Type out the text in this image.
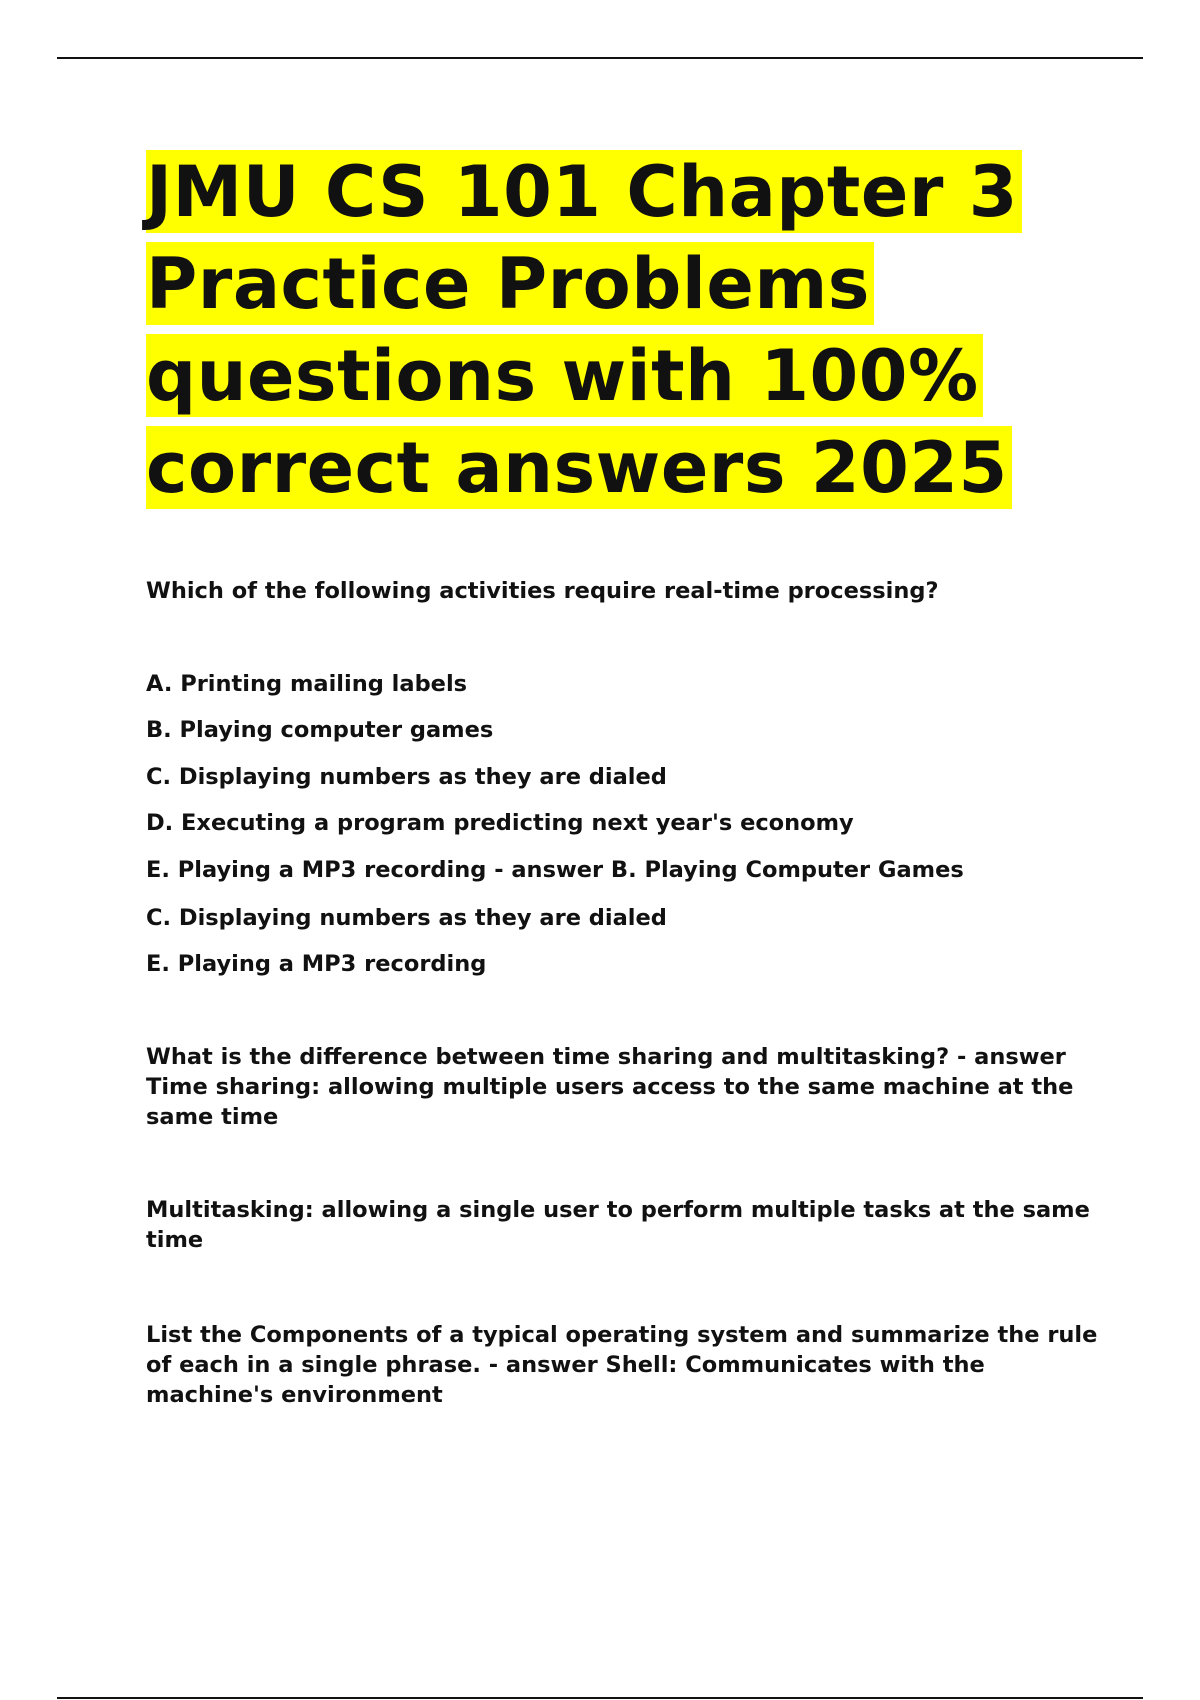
JMU CS 101 Chapter 3 Practice Problems questions with 100% correct answers 2025

Which of the following activities require real-time processing?

A. Printing mailing labels

B. Playing computer games

C. Displaying numbers as they are dialed

D. Executing a program predicting next year's economy

E. Playing a MP3 recording - answer B. Playing Computer Games

C. Displaying numbers as they are dialed

E. Playing a MP3 recording

What is the difference between time sharing and multitasking? - answer Time sharing: allowing multiple users access to the same machine at the same time

Multitasking: allowing a single user to perform multiple tasks at the same time

List the Components of a typical operating system and summarize the rule of each in a single phrase. - answer Shell: Communicates with the machine's environment
